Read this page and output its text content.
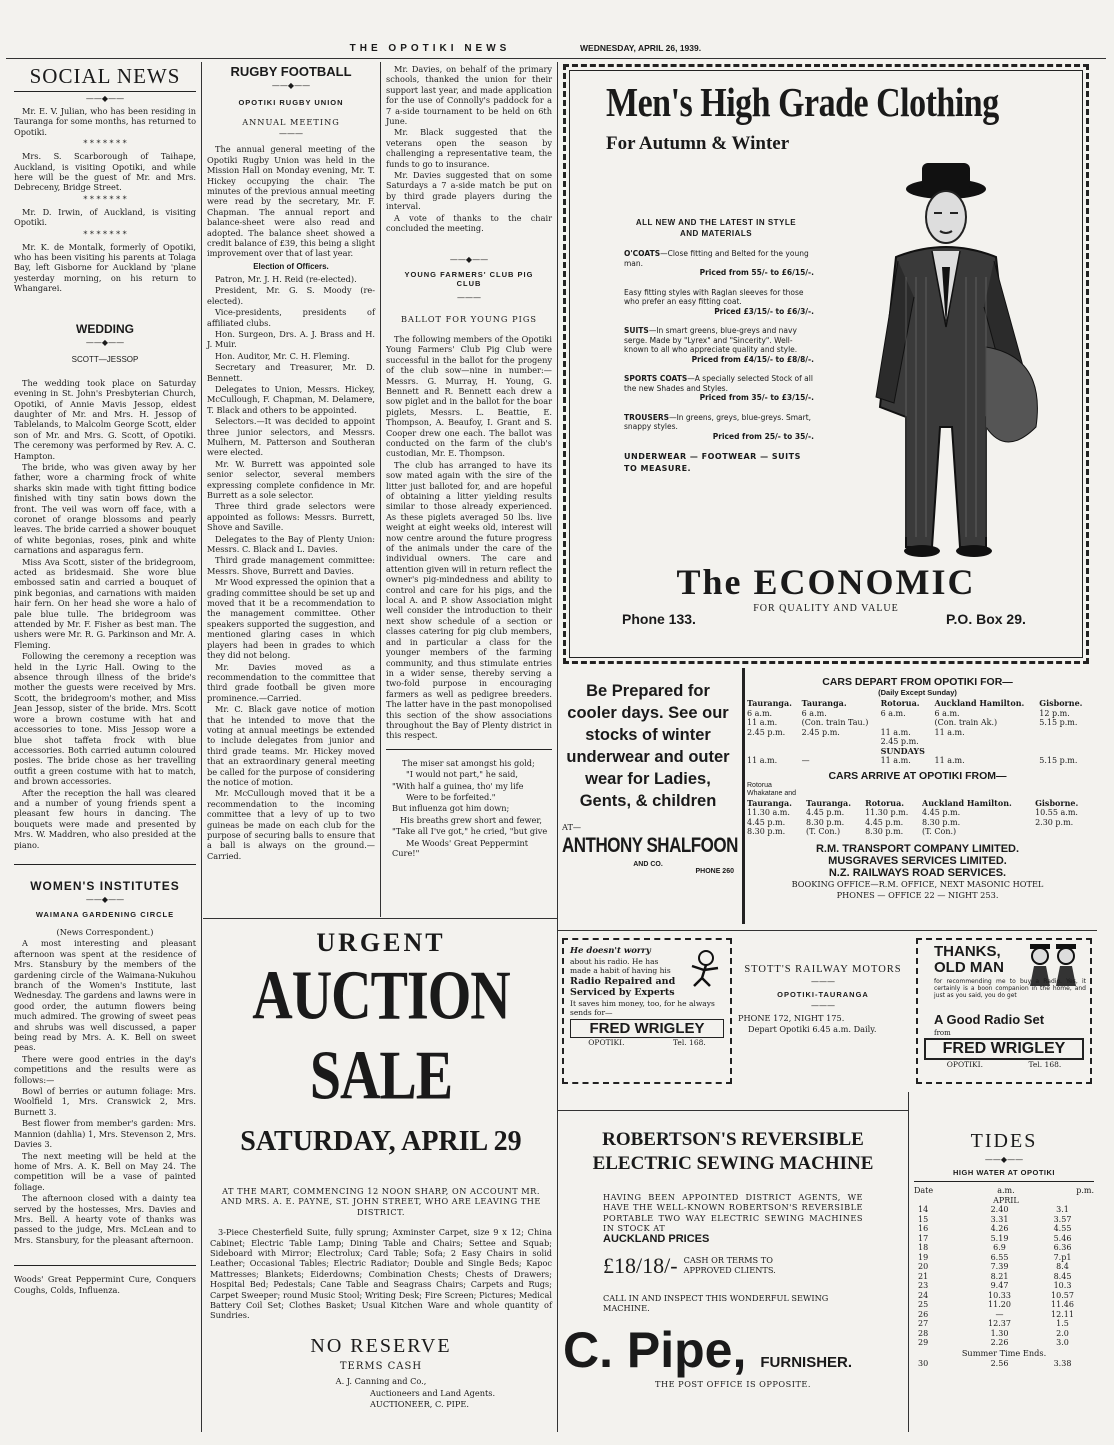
THE OPOTIKI NEWS	WEDNESDAY, APRIL 26, 1939.
SOCIAL NEWS
——◆——

Mr. E. V. Julian, who has been residing in Tauranga for some months, has returned to Opotiki.

* * * * * * *

Mrs. S. Scarborough of Taihape, Auckland, is visiting Opotiki, and while here will be the guest of Mr. and Mrs. Debreceny, Bridge Street.

* * * * * * *

Mr. D. Irwin, of Auckland, is visiting Opotiki.

* * * * * * *

Mr. K. de Montalk, formerly of Opotiki, who has been visiting his parents at Tolaga Bay, left Gisborne for Auckland by 'plane yesterday morning, on his return to Whangarei.

WEDDING
——◆——
SCOTT—JESSOP

The wedding took place on Saturday evening in St. John's Presbyterian Church, Opotiki, of Annie Mavis Jessop, eldest daughter of Mr. and Mrs. H. Jessop of Tablelands, to Malcolm George Scott, elder son of Mr. and Mrs. G. Scott, of Opotiki. The ceremony was performed by Rev. A. C. Hampton.

The bride, who was given away by her father, wore a charming frock of white sharks skin made with tight fitting bodice finished with tiny satin bows down the front. The veil was worn off face, with a coronet of orange blossoms and pearly leaves. The bride carried a shower bouquet of white begonias, roses, pink and white carnations and asparagus fern.

Miss Ava Scott, sister of the bridegroom, acted as bridesmaid. She wore blue embossed satin and carried a bouquet of pink begonias, and carnations with maiden hair fern. On her head she wore a halo of pale blue tulle. The bridegroom was attended by Mr. F. Fisher as best man. The ushers were Mr. R. G. Parkinson and Mr. A. Fleming.

Following the ceremony a reception was held in the Lyric Hall. Owing to the absence through illness of the bride's mother the guests were received by Mrs. Scott, the bridegroom's mother, and Miss Jean Jessop, sister of the bride. Mrs. Scott wore a brown costume with hat and accessories to tone. Miss Jessop wore a blue shot taffeta frock with blue accessories. Both carried autumn coloured posies. The bride chose as her travelling outfit a green costume with hat to match, and brown accessories.

After the reception the hall was cleared and a number of young friends spent a pleasant few hours in dancing. The bouquets were made and presented by Mrs. W. Maddren, who also presided at the piano.

WOMEN'S INSTITUTES
——◆——
WAIMANA GARDENING CIRCLE
(News Correspondent.)

A most interesting and pleasant afternoon was spent at the residence of Mrs. Stansbury by the members of the gardening circle of the Waimana-Nukuhou branch of the Women's Institute, last Wednesday. The gardens and lawns were in good order, the autumn flowers being much admired. The growing of sweet peas and shrubs was well discussed, a paper being read by Mrs. A. K. Bell on sweet peas.

There were good entries in the day's competitions and the results were as follows:—

Bowl of berries or autumn foliage: Mrs. Woolfield 1, Mrs. Cranswick 2, Mrs. Burnett 3.

Best flower from member's garden: Mrs. Mannion (dahlia) 1, Mrs. Stevenson 2, Mrs. Davies 3.

The next meeting will be held at the home of Mrs. A. K. Bell on May 24. The competition will be a vase of painted foliage.

The afternoon closed with a dainty tea served by the hostesses, Mrs. Davies and Mrs. Bell. A hearty vote of thanks was passed to the judge, Mrs. McLean and to Mrs. Stansbury, for the pleasant afternoon.

Woods' Great Peppermint Cure, Conquers Coughs, Colds, Influenza.

RUGBY FOOTBALL
——◆——
OPOTIKI RUGBY UNION
ANNUAL MEETING
———

The annual general meeting of the Opotiki Rugby Union was held in the Mission Hall on Monday evening, Mr. T. Hickey occupying the chair. The minutes of the previous annual meeting were read by the secretary, Mr. F. Chapman. The annual report and balance-sheet were also read and adopted. The balance sheet showed a credit balance of £39, this being a slight improvement over that of last year.

Election of Officers.

Patron, Mr. J. H. Reid (re-elected).

President, Mr. G. S. Moody (re-elected).

Vice-presidents, presidents of affiliated clubs.

Hon. Surgeon, Drs. A. J. Brass and H. J. Muir.

Hon. Auditor, Mr. C. H. Fleming.

Secretary and Treasurer, Mr. D. Bennett.

Delegates to Union, Messrs. Hickey, McCullough, F. Chapman, M. Delamere, T. Black and others to be appointed.

Selectors.—It was decided to appoint three junior selectors, and Messrs. Mulhern, M. Patterson and Southeran were elected.

Mr. W. Burrett was appointed sole senior selector, several members expressing complete confidence in Mr. Burrett as a sole selector.

Three third grade selectors were appointed as follows: Messrs. Burrett, Shove and Saville.

Delegates to the Bay of Plenty Union: Messrs. C. Black and L. Davies.

Third grade management committee: Messrs. Shove, Burrett and Davies.

Mr Wood expressed the opinion that a grading committee should be set up and moved that it be a recommendation to the management committee. Other speakers supported the suggestion, and mentioned glaring cases in which players had been in grades to which they did not belong.

Mr. Davies moved as a recommendation to the committee that third grade football be given more prominence.—Carried.

Mr. C. Black gave notice of motion that he intended to move that the voting at annual meetings be extended to include delegates from junior and third grade teams. Mr. Hickey moved that an extraordinary general meeting be called for the purpose of considering the notice of motion.

Mr. McCullough moved that it be a recommendation to the incoming committee that a levy of up to two guineas be made on each club for the purpose of securing balls to ensure that a ball is always on the ground.—Carried.

Mr. Davies, on behalf of the primary schools, thanked the union for their support last year, and made application for the use of Connolly's paddock for a 7 a-side tournament to be held on 6th June.

Mr. Black suggested that the veterans open the season by challenging a representative team, the funds to go to insurance.

Mr. Davies suggested that on some Saturdays a 7 a-side match be put on by third grade players during the interval.

A vote of thanks to the chair concluded the meeting.

——◆——
YOUNG FARMERS' CLUB PIG CLUB
———
BALLOT FOR YOUNG PIGS

The following members of the Opotiki Young Farmers' Club Pig Club were successful in the ballot for the progeny of the club sow—nine in number:—Messrs. G. Murray, H. Young, G. Bennett and R. Bennett each drew a sow piglet and in the ballot for the boar piglets, Messrs. L. Beattie, E. Thompson, A. Beaufoy, I. Grant and S. Cooper drew one each. The ballot was conducted on the farm of the club's custodian, Mr. E. Thompson.

The club has arranged to have its sow mated again with the sire of the litter just balloted for, and are hopeful of obtaining a litter yielding results similar to those already experienced. As these piglets averaged 50 lbs. live weight at eight weeks old, interest will now centre around the future progress of the animals under the care of the individual owners. The care and attention given will in return reflect the owner's pig-mindedness and ability to control and care for his pigs, and the local A. and P. show Association might well consider the introduction to their next show schedule of a section or classes catering for pig club members, and in particular a class for the younger members of the farming community, and thus stimulate entries in a wider sense, thereby serving a two-fold purpose in encouraging farmers as well as pedigree breeders. The latter have in the past monopolised this section of the show associations throughout the Bay of Plenty district in this respect.

The miser sat amongst his gold;
"I would not part," he said,
"With half a guinea, tho' my life
Were to be forfeited."
But influenza got him down;
His breaths grew short and fewer,
"Take all I've got," he cried, "but give
Me Woods' Great Peppermint Cure!"
URGENT
AUCTION SALE
SATURDAY, APRIL 29

AT THE MART, COMMENCING 12 NOON SHARP, ON ACCOUNT MR. AND MRS. A. E. PAYNE, ST. JOHN STREET, WHO ARE LEAVING THE DISTRICT.

3-Piece Chesterfield Suite, fully sprung; Axminster Carpet, size 9 x 12; China Cabinet; Electric Table Lamp; Dining Table and Chairs; Settee and Squab; Sideboard with Mirror; Electrolux; Card Table; Sofa; 2 Easy Chairs in solid Leather; Occasional Tables; Electric Radiator; Double and Single Beds; Kapoc Mattresses; Blankets; Eiderdowns; Combination Chests; Chests of Drawers; Hospital Bed; Pedestals; Cane Table and Seagrass Chairs; Carpets and Rugs; Carpet Sweeper; round Music Stool; Writing Desk; Fire Screen; Pictures; Medical Battery Coil Set; Clothes Basket; Usual Kitchen Ware and whole quantity of Sundries.

NO RESERVE
TERMS CASH
A. J. Canning and Co.,
Auctioneers and Land Agents.
AUCTIONEER, C. PIPE.
Men's High Grade Clothing
For Autumn & Winter
ALL NEW AND THE LATEST IN STYLE AND MATERIALS
O'COATS—Close fitting and Belted for the young man.
Priced from 55/- to £6/15/-.
Easy fitting styles with Raglan sleeves for those who prefer an easy fitting coat.
Priced £3/15/- to £6/3/-.
SUITS—In smart greens, blue-greys and navy serge. Made by "Lyrex" and "Sincerity". Well-known to all who appreciate quality and style.
Priced from £4/15/- to £8/8/-.
SPORTS COATS—A specially selected Stock of all the new Shades and Styles.
Priced from 35/- to £3/15/-.
TROUSERS—In greens, greys, blue-greys. Smart, snappy styles.
Priced from 25/- to 35/-.
UNDERWEAR — FOOTWEAR — SUITS TO MEASURE.
The ECONOMIC
FOR QUALITY AND VALUE
Phone 133.	P.O. Box 29.
Be Prepared for cooler days. See our stocks of winter underwear and outer wear for Ladies, Gents, & children
AT—
ANTHONY SHALFOON
AND CO.
PHONE 260
CARS DEPART FROM OPOTIKI FOR—
(Daily Except Sunday)
Tauranga.	Tauranga.	Rotorua.	Auckland Hamilton.	Gisborne.
6 a.m.	6 a.m.	6 a.m.	6 a.m.	12 p.m.
11 a.m.	(Con. train Tau.)		(Con. train Ak.)	5.15 p.m.
2.45 p.m.	2.45 p.m.	11 a.m.	11 a.m.	
		2.45 p.m.		
		SUNDAYS		
11 a.m.	—	11 a.m.	11 a.m.	5.15 p.m.
CARS ARRIVE AT OPOTIKI FROM—
Rotorua Whakatane and
Tauranga.	Tauranga.	Rotorua.	Auckland Hamilton.	Gisborne.
11.30 a.m.	4.45 p.m.	11.30 p.m.	4.45 p.m.	10.55 a.m.
4.45 p.m.	8.30 p.m.	4.45 p.m.	8.30 p.m.	2.30 p.m.
8.30 p.m.	(T. Con.)	8.30 p.m.	(T. Con.)	
R.M. TRANSPORT COMPANY LIMITED.
MUSGRAVES SERVICES LIMITED.
N.Z. RAILWAYS ROAD SERVICES.
BOOKING OFFICE—R.M. OFFICE, NEXT MASONIC HOTEL
PHONES — OFFICE 22 — NIGHT 253.
He doesn't worry
about his radio. He has made a habit of having his
Radio Repaired and Serviced by Experts
It saves him money, too, for he always sends for—
FRED WRIGLEY
OPOTIKI.	Tel. 168.
STOTT'S RAILWAY MOTORS
———
OPOTIKI-TAURANGA
———
PHONE 172, NIGHT 175.
Depart Opotiki 6.45 a.m. Daily.
THANKS, OLD MAN
for recommending me to buy a Radio. Yes, it certainly is a boon companion in the home, and just as you said, you do get
A Good Radio Set
from
FRED WRIGLEY
OPOTIKI.	Tel. 168.
ROBERTSON'S REVERSIBLE ELECTRIC SEWING MACHINE

HAVING BEEN APPOINTED DISTRICT AGENTS, WE HAVE THE WELL-KNOWN ROBERTSON'S REVERSIBLE PORTABLE TWO WAY ELECTRIC SEWING MACHINES IN STOCK AT

AUCKLAND PRICES
£18/18/- CASH OR TERMS TO APPROVED CLIENTS.

CALL IN AND INSPECT THIS WONDERFUL SEWING MACHINE.

C. Pipe, FURNISHER.
THE POST OFFICE IS OPPOSITE.
TIDES
——◆——
HIGH WATER AT OPOTIKI
Date	a.m.	p.m.
	APRIL	
14	2.40	3.1
15	3.31	3.57
16	4.26	4.55
17	5.19	5.46
18	6.9	6.36
19	6.55	7.p1
20	7.39	8.4
21	8.21	8.45
23	9.47	10.3
24	10.33	10.57
25	11.20	11.46
26	—	12.11
27	12.37	1.5
28	1.30	2.0
29	2.26	3.0
Summer Time Ends.
30	2.56	3.38
